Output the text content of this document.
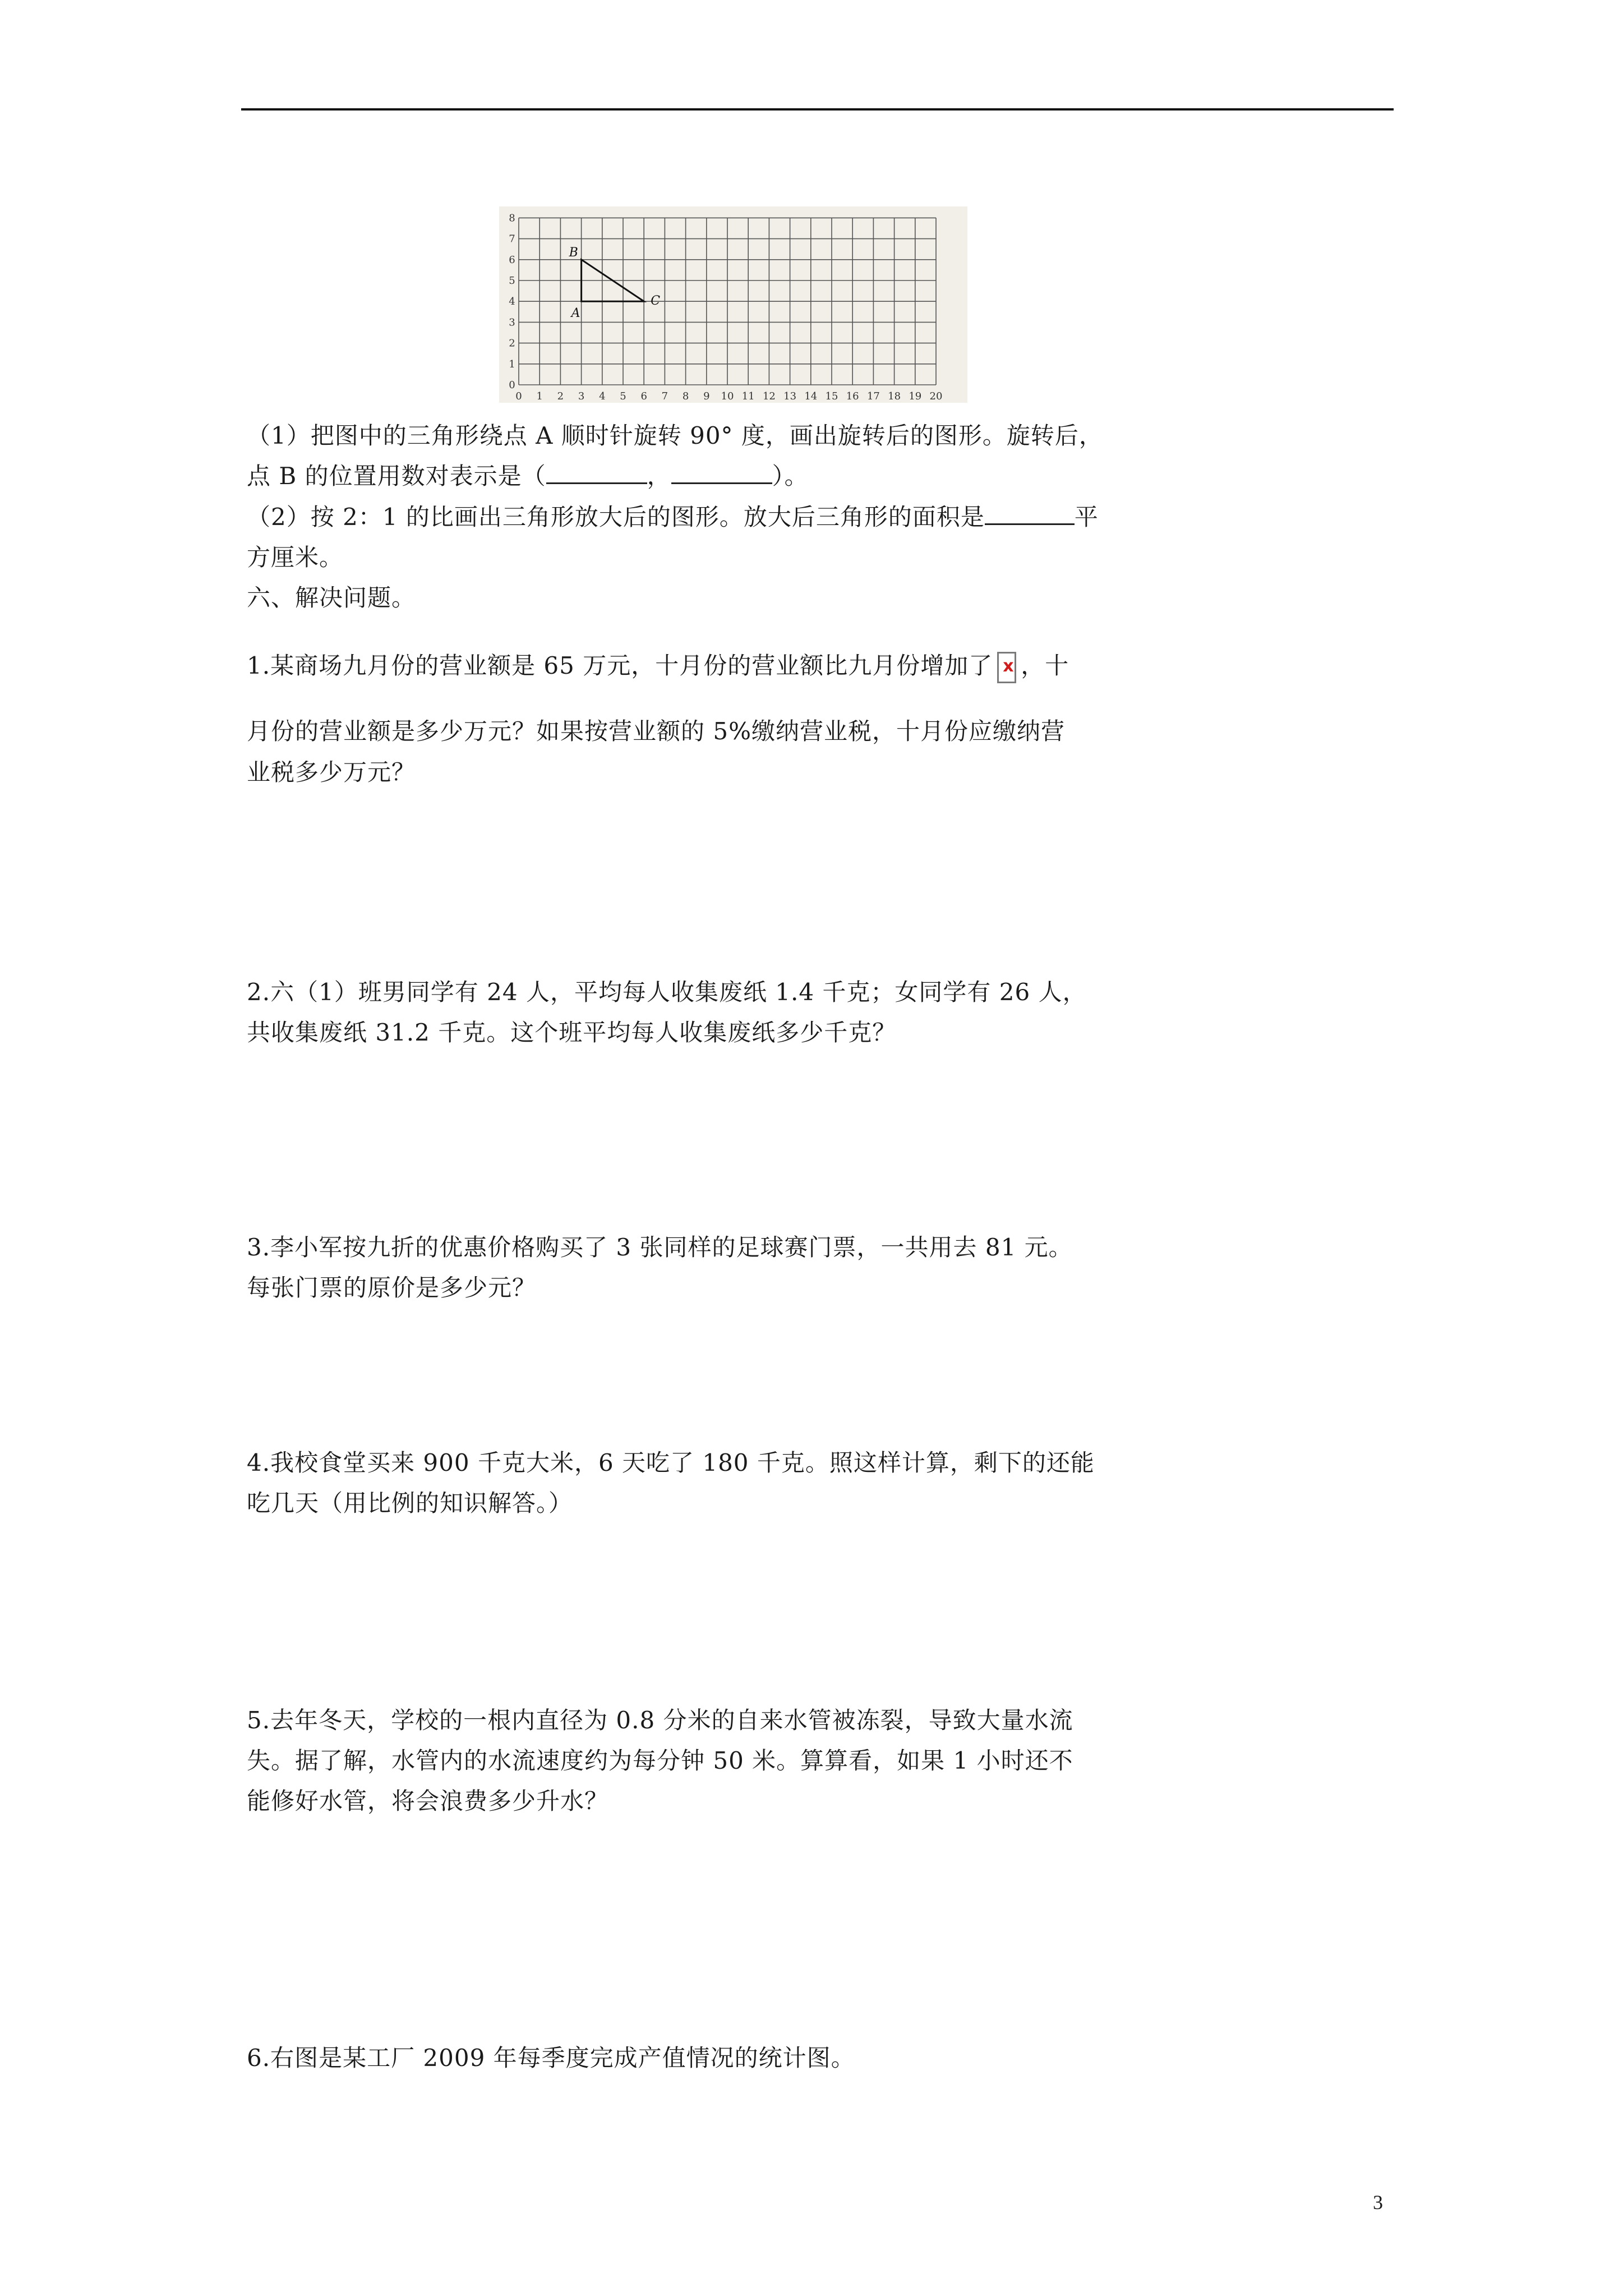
0 1 2 3 4 5 6 7 8 9 10 11 12 13 14 15 16 17 18 19 20
0
1
2
3
4
5
6
7
8
A
B
C
（1）把图中的三角形绕点 A 顺时针旋转 90° 度，画出旋转后的图形。旋转后，
点 B 的位置用数对表示是（	，	）。
（2）按 2：1 的比画出三角形放大后的图形。放大后三角形的面积是	平
方厘米。
六、解决问题。
1.某商场九月份的营业额是 65 万元，十月份的营业额比九月份增加了x ，十
月份的营业额是多少万元？如果按营业额的 5%缴纳营业税，十月份应缴纳营
业税多少万元？
2.六（1）班男同学有 24 人，平均每人收集废纸 1.4 千克；女同学有 26 人，
共收集废纸 31.2 千克。这个班平均每人收集废纸多少千克？
3.李小军按九折的优惠价格购买了 3 张同样的足球赛门票，一共用去 81 元。
每张门票的原价是多少元？
4.我校食堂买来 900 千克大米，6 天吃了 180 千克。照这样计算，剩下的还能
吃几天（用比例的知识解答。）
5.去年冬天，学校的一根内直径为 0.8 分米的自来水管被冻裂，导致大量水流
失。据了解，水管内的水流速度约为每分钟 50 米。算算看，如果 1 小时还不
能修好水管，将会浪费多少升水？
6.右图是某工厂 2009 年每季度完成产值情况的统计图。
3
